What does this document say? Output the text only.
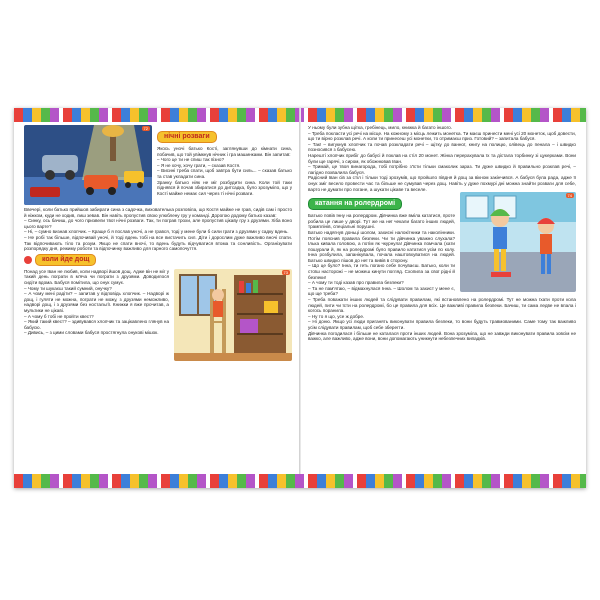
72
нічні розваги

Якось уночі батько Кості, заглянувши до кімнати сина, побачив, що той увімкнув нічник і гра машинками. Він запитав:

– Чого це ти не спиш так пізно?

– Я не хочу, хочу грати, – сказав Костя.

– Висині треба спати, щоб завтра бути силь... – сказав батько та став укладати сина.

Зранку батько ніяк не міг розбудити сина. Коли той таки піднявся й почав збиратися до дитсадка, було зрозуміло, що у Кості майже немає сил через ті нічні розваги.

Ввечері, коли батько прийшов забирати сина з садочка, вихователька розповіла, що Костя майже не грав, сидів сам і просто й ніжком, куди не ходив, лиш зевав. Він навіть пропустив свою улюблену гру у команді. Дорогою додому батько казав:

– Синку, ось бачиш, до чого призвели твої нічні розваги. Так, ти пограв трохи, але пропустив цікаву гру з друзями. Хіба воно цього варте?

– Ні, – сумно визнав хлопчик. – Краще б я послав уночі, а не грався, тоді у мене були б сили грати з друзями у садку вдень.

– Не робі так більше, відпочивай уночі, й тоді вдень тобі на все вистачить сил. Діти і дорослим дуже важливо вночі спати. Так відпочивають тіло та розум. Якщо не спати вночі, то вдень будуть відчуватися втома та сонливість. Організувати розпорядку дня, режиму роботи та відпочинку важливо для гарного самопочуття.

коли йде дощ
73

Понад усе Іван не любив, коли надворі йшов дощ. Адже він не міг у такий день пограти в м'яча чи пограти з друзями. Доводилося сидіти вдома. Бабуся помітила, що онук сумує.

– Чому ти шукаєш такий сумний, онучку?

– А чому мені радіти? – запитав у відповідь хлопчик. – Надворі ж дощ, і гуляти не можна, пограти не можу, з друзями неможливо, надворі дощ, і з друзями без ностальгії. Книжки я вже прочитав, а мультики не цікаві.

– А чому б тобі не пройти квест?

– Який такий квест? – здивувався хлопчик та зацікавлено глянув на бабусю.

– Дивись, – з цими словами бабуся простягнула онукові мішок.

У ньому були зубна щітка, гребінець, мило, книжка й багато іншого.

– Треба покласти усі речі на місце. На кожному з місць лежить монетка. Ти маєш принести мені усі 20 монеток, щоб довести, що ти вірно розклав речі. А коли ти принесеш усі монетки, то отримаєш приз. Готовий? – запитала бабуся.

– Так! – вигукнув хлопчик та почав розкладати речі – щітку до ванної, книгу на полицю, олівець до пенала – і швидко позносився з бабусею.

Нарешті хлопчик прибіг до бабусі й поклав на стіл 20 монет. Жінка перерахувала їх та дістала торбинку зі цукерками. Вони були ще гарячі, з сиром, як обожнював Іван.

– Тримай, це твоя винагорода, тобі потрібно з'їсти тільки смаколик зараз. Ти дуже швидко й правильно розклав речі, – лагідно похвалила бабуся.

Радісний Іван сів за стіл і тільки тоді зрозумів, що пройшло півдня й дощ за вікном закінчився. А бабуся була рада, адже її онук зміг весело провести час та більше не сумував через дощ. Навіть у дуже похмурі дні можна знайти розваги для себе, варто не думати про погане, а шукати цікаве та веселе.

74
катання на ролердромі

Батько повів Інну на ролердром. Дівчинка вже вміла кататися, проте робила це лише у дворі. Тут же на неї чекали багато інших людей, трамплінів, спеціальні порушні.

Батько надягнув доньці шолом, захисні налокітники та наколінники. Потім пояснив правила безпеки. Чи ти дівчинка уважно слухала? Ілька кивала головою, а потім як чкурнула! Дівчинка помчала (хати пошурали й, як на ролердромі було правило кататися усім по колу. Інна розбулила, запанікувала, почала наштовхуватися на людей. Батько швидко пішов до неї та вивів в сторону.

– Що це було? Інна, ти геть погано себе почуваєш. Батько, коли ти стоїш насторожі – не можеш кинути погляд. Схопила за свої рідні й безпеки!

– А чому ти тоді казав про правила безпеки?

– Та не пам'ятаю, – відмахнулася Інна. – Шолом та захист у мене є, що ще треба?

– Треба поважати інших людей та слідувати правилам, які встановлено на ролердромі. Тут не можна їхати проти кола людей, пити чи їсти на ролердромі, бо це правила для всіх. Це важливі правила безпеки. Бачиш, ти сама ледве не впала і когось поранила.

– Ну то я що, усе ж добре.

– Ні доню. Якщо усі люди приганять виконувати правила безпеки, то вони будуть травмованими. Саме тому так важливо усім слідувати правилам, щоб себе зберегти.

Дівчинка погодилася і більше не каталася проти інших людей. Вона зрозуміла, що не завжди виконувати правила зовсім не важко, але важливо, адже вони, вони допомагають уникнути небезпечних випадків.
